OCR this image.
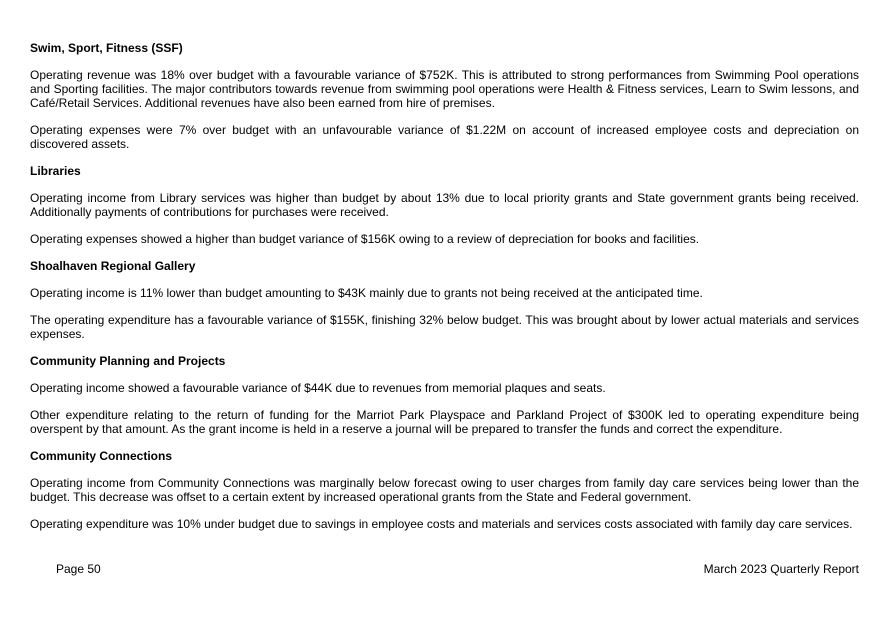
Swim, Sport, Fitness (SSF)

Operating revenue was 18% over budget with a favourable variance of $752K. This is attributed to strong performances from Swimming Pool operations and Sporting facilities. The major contributors towards revenue from swimming pool operations were Health & Fitness services, Learn to Swim lessons, and Café/Retail Services. Additional revenues have also been earned from hire of premises.

Operating expenses were 7% over budget with an unfavourable variance of $1.22M on account of increased employee costs and depreciation on discovered assets.

Libraries

Operating income from Library services was higher than budget by about 13% due to local priority grants and State government grants being received. Additionally payments of contributions for purchases were received.

Operating expenses showed a higher than budget variance of $156K owing to a review of depreciation for books and facilities.

Shoalhaven Regional Gallery

Operating income is 11% lower than budget amounting to $43K mainly due to grants not being received at the anticipated time.

The operating expenditure has a favourable variance of $155K, finishing 32% below budget. This was brought about by lower actual materials and services expenses.

Community Planning and Projects

Operating income showed a favourable variance of $44K due to revenues from memorial plaques and seats.

Other expenditure relating to the return of funding for the Marriot Park Playspace and Parkland Project of $300K led to operating expenditure being overspent by that amount. As the grant income is held in a reserve a journal will be prepared to transfer the funds and correct the expenditure.

Community Connections

Operating income from Community Connections was marginally below forecast owing to user charges from family day care services being lower than the budget. This decrease was offset to a certain extent by increased operational grants from the State and Federal government.

Operating expenditure was 10% under budget due to savings in employee costs and materials and services costs associated with family day care services.

Page 50	March 2023 Quarterly Report
